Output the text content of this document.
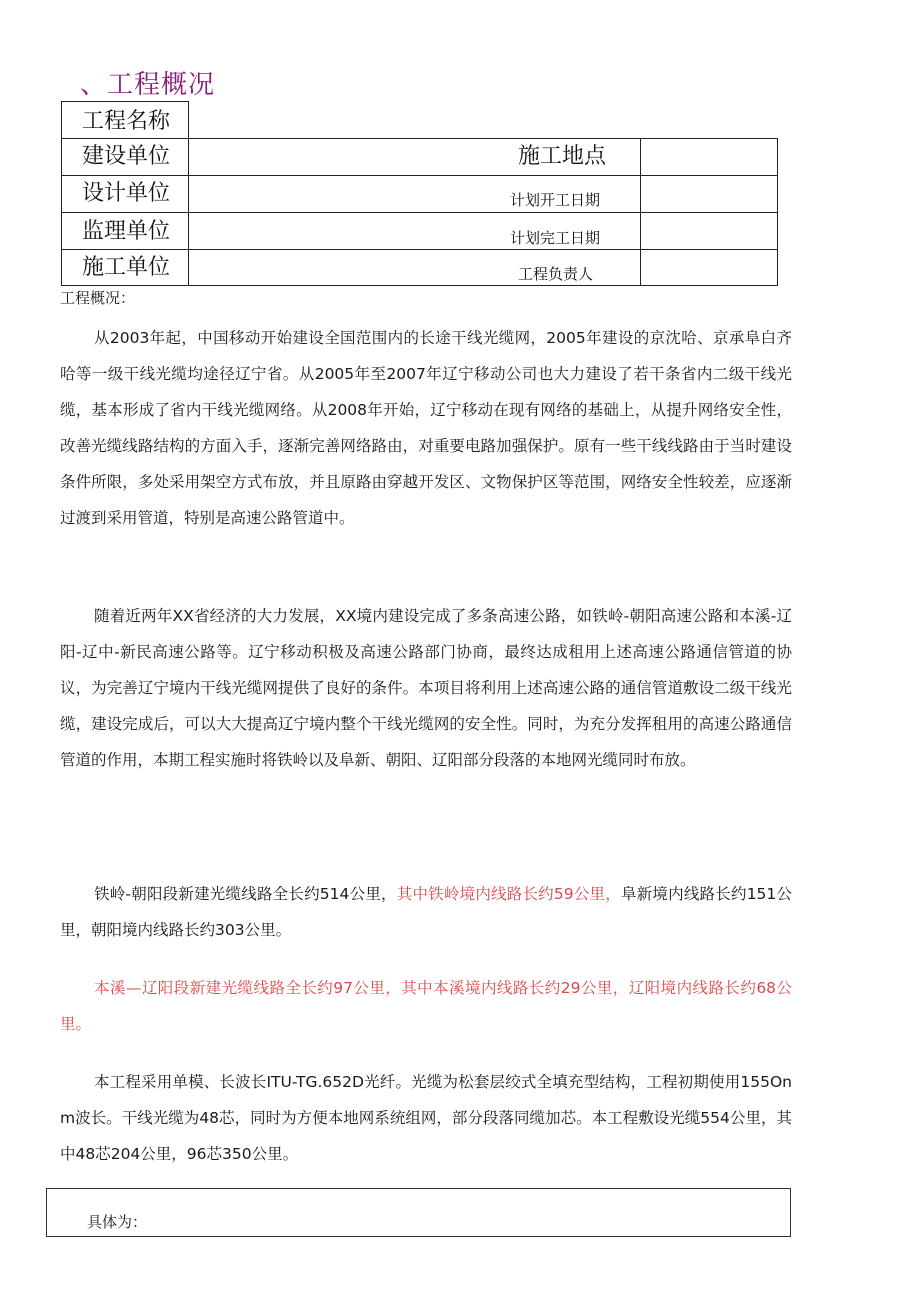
、工程概况
工程名称
建设单位	施工地点
设计单位	计划开工日期
监理单位	计划完工日期
施工单位	工程负责人
工程概况：

从2003年起，中国移动开始建设全国范围内的长途干线光缆网，2005年建设的京沈哈、京承阜白齐哈等一级干线光缆均途径辽宁省。从2005年至2007年辽宁移动公司也大力建设了若干条省内二级干线光缆，基本形成了省内干线光缆网络。从2008年开始，辽宁移动在现有网络的基础上，从提升网络安全性，改善光缆线路结构的方面入手，逐渐完善网络路由，对重要电路加强保护。原有一些干线线路由于当时建设条件所限，多处采用架空方式布放，并且原路由穿越开发区、文物保护区等范围，网络安全性较差，应逐渐过渡到采用管道，特别是高速公路管道中。

随着近两年XX省经济的大力发展，XX境内建设完成了多条高速公路，如铁岭-朝阳高速公路和本溪-辽阳-辽中-新民高速公路等。辽宁移动积极及高速公路部门协商，最终达成租用上述高速公路通信管道的协议，为完善辽宁境内干线光缆网提供了良好的条件。本项目将利用上述高速公路的通信管道敷设二级干线光缆，建设完成后，可以大大提高辽宁境内整个干线光缆网的安全性。同时，为充分发挥租用的高速公路通信管道的作用，本期工程实施时将铁岭以及阜新、朝阳、辽阳部分段落的本地网光缆同时布放。

铁岭-朝阳段新建光缆线路全长约514公里，其中铁岭境内线路长约59公里，阜新境内线路长约151公里，朝阳境内线路长约303公里。

本溪—辽阳段新建光缆线路全长约97公里，其中本溪境内线路长约29公里，辽阳境内线路长约68公里。

本工程采用单模、长波长ITU-TG.652D光纤。光缆为松套层绞式全填充型结构，工程初期使用155Onm波长。干线光缆为48芯，同时为方便本地网系统组网，部分段落同缆加芯。本工程敷设光缆554公里，其中48芯204公里，96芯350公里。

具体为：
